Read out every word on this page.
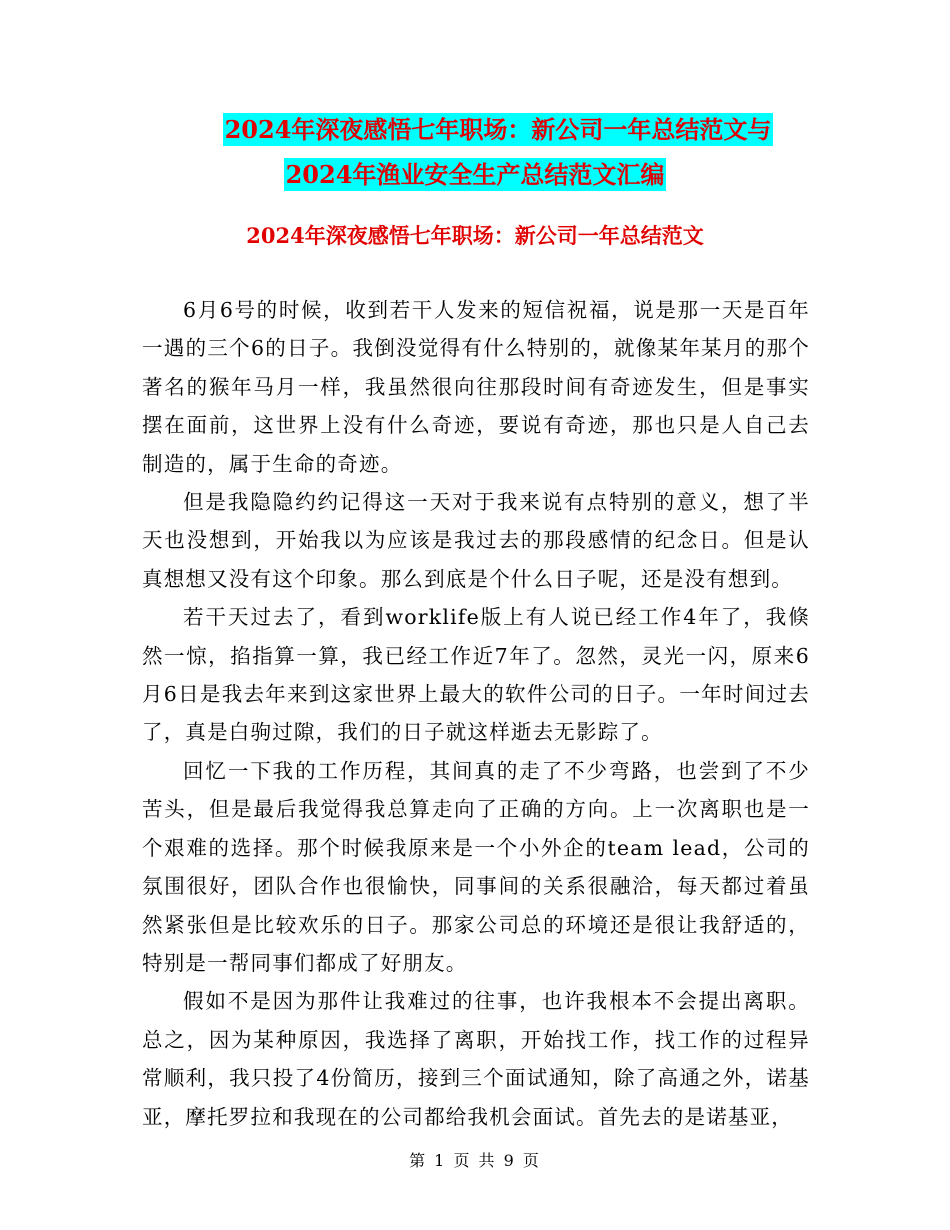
2024年深夜感悟七年职场：新公司一年总结范文与
2024年渔业安全生产总结范文汇编
2024年深夜感悟七年职场：新公司一年总结范文

6月6号的时候，收到若干人发来的短信祝福，说是那一天是百年一遇的三个6的日子。我倒没觉得有什么特别的，就像某年某月的那个著名的猴年马月一样，我虽然很向往那段时间有奇迹发生，但是事实摆在面前，这世界上没有什么奇迹，要说有奇迹，那也只是人自己去制造的，属于生命的奇迹。

但是我隐隐约约记得这一天对于我来说有点特别的意义，想了半天也没想到，开始我以为应该是我过去的那段感情的纪念日。但是认真想想又没有这个印象。那么到底是个什么日子呢，还是没有想到。

若干天过去了，看到worklife版上有人说已经工作4年了，我倏然一惊，掐指算一算，我已经工作近7年了。忽然，灵光一闪，原来6月6日是我去年来到这家世界上最大的软件公司的日子。一年时间过去了，真是白驹过隙，我们的日子就这样逝去无影踪了。

回忆一下我的工作历程，其间真的走了不少弯路，也尝到了不少苦头，但是最后我觉得我总算走向了正确的方向。上一次离职也是一个艰难的选择。那个时候我原来是一个小外企的team lead，公司的氛围很好，团队合作也很愉快，同事间的关系很融洽，每天都过着虽然紧张但是比较欢乐的日子。那家公司总的环境还是很让我舒适的，特别是一帮同事们都成了好朋友。

假如不是因为那件让我难过的往事，也许我根本不会提出离职。总之，因为某种原因，我选择了离职，开始找工作，找工作的过程异常顺利，我只投了4份简历，接到三个面试通知，除了高通之外，诺基亚，摩托罗拉和我现在的公司都给我机会面试。首先去的是诺基亚，

第 1 页 共 9 页
